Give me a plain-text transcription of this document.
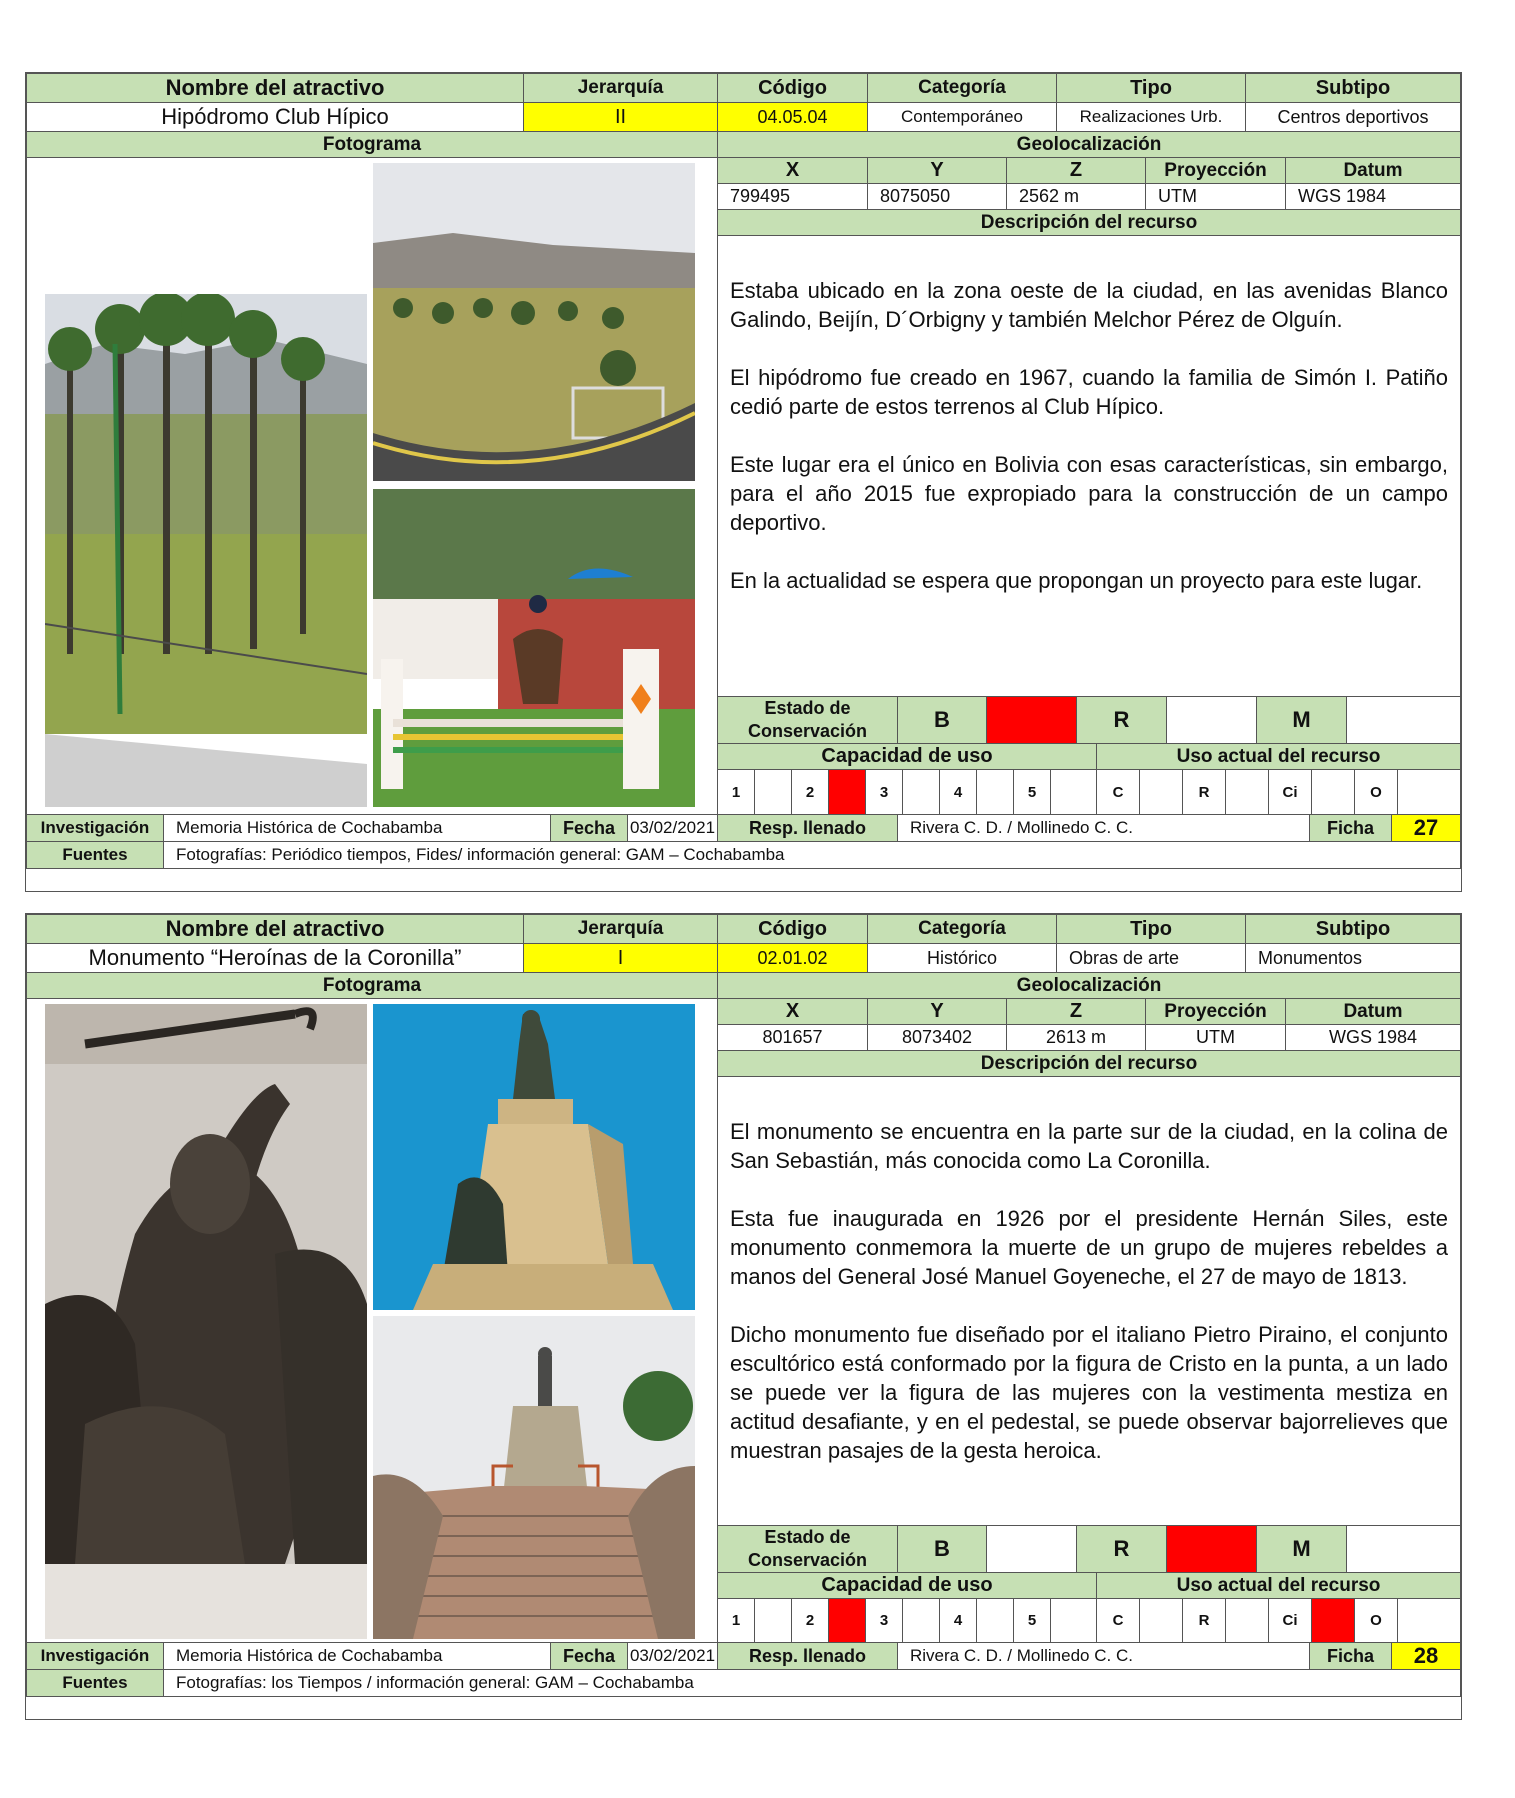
Nombre del atractivo	Jerarquía	Código	Categoría	Tipo	Subtipo
Hipódromo Club Hípico	II	04.05.04	Contemporáneo	Realizaciones Urb.	Centros deportivos
Fotograma	Geolocalización
X	Y	Z	Proyección	Datum
799495	8075050	2562 m	UTM	WGS 1984
Descripción del recurso

Estaba ubicado en la zona oeste de la ciudad, en las avenidas Blanco Galindo, Beijín, D´Orbigny y también Melchor Pérez de Olguín.

El hipódromo fue creado en 1967, cuando la familia de Simón I. Patiño cedió parte de estos terrenos al Club Hípico.

Este lugar era el único en Bolivia con esas características, sin embargo, para el año 2015 fue expropiado para la construcción de un campo deportivo.

En la actualidad se espera que propongan un proyecto para este lugar.

Estado de
Conservación	B	R	M
Capacidad de uso	Uso actual del recurso
1	2	3	4	5	C	R	Ci	O
Investigación	Memoria Histórica de Cochabamba	Fecha 03/02/2021	Resp. llenado	Rivera C. D. / Mollinedo C. C.	Ficha	27
Fuentes	Fotografías: Periódico tiempos, Fides/ información general: GAM – Cochabamba
Nombre del atractivo	Jerarquía	Código	Categoría	Tipo	Subtipo
Monumento “Heroínas de la Coronilla”	I	02.01.02	Histórico	Obras de arte	Monumentos
Fotograma	Geolocalización
X	Y	Z	Proyección	Datum
801657	8073402	2613 m	UTM	WGS 1984
Descripción del recurso

El monumento se encuentra en la parte sur de la ciudad, en la colina de San Sebastián, más conocida como La Coronilla.

Esta fue inaugurada en 1926 por el presidente Hernán Siles, este monumento conmemora la muerte de un grupo de mujeres rebeldes a manos del General José Manuel Goyeneche, el 27 de mayo de 1813.

Dicho monumento fue diseñado por el italiano Pietro Piraino, el conjunto escultórico está conformado por la figura de Cristo en la punta, a un lado se puede ver la figura de las mujeres con la vestimenta mestiza en actitud desafiante, y en el pedestal, se puede observar bajorrelieves que muestran pasajes de la gesta heroica.

Estado de
Conservación	B	R	M
Capacidad de uso	Uso actual del recurso
1	2	3	4	5	C	R	Ci	O
Investigación	Memoria Histórica de Cochabamba	Fecha 03/02/2021	Resp. llenado	Rivera C. D. / Mollinedo C. C.	Ficha	28
Fuentes	Fotografías: los Tiempos / información general: GAM – Cochabamba
